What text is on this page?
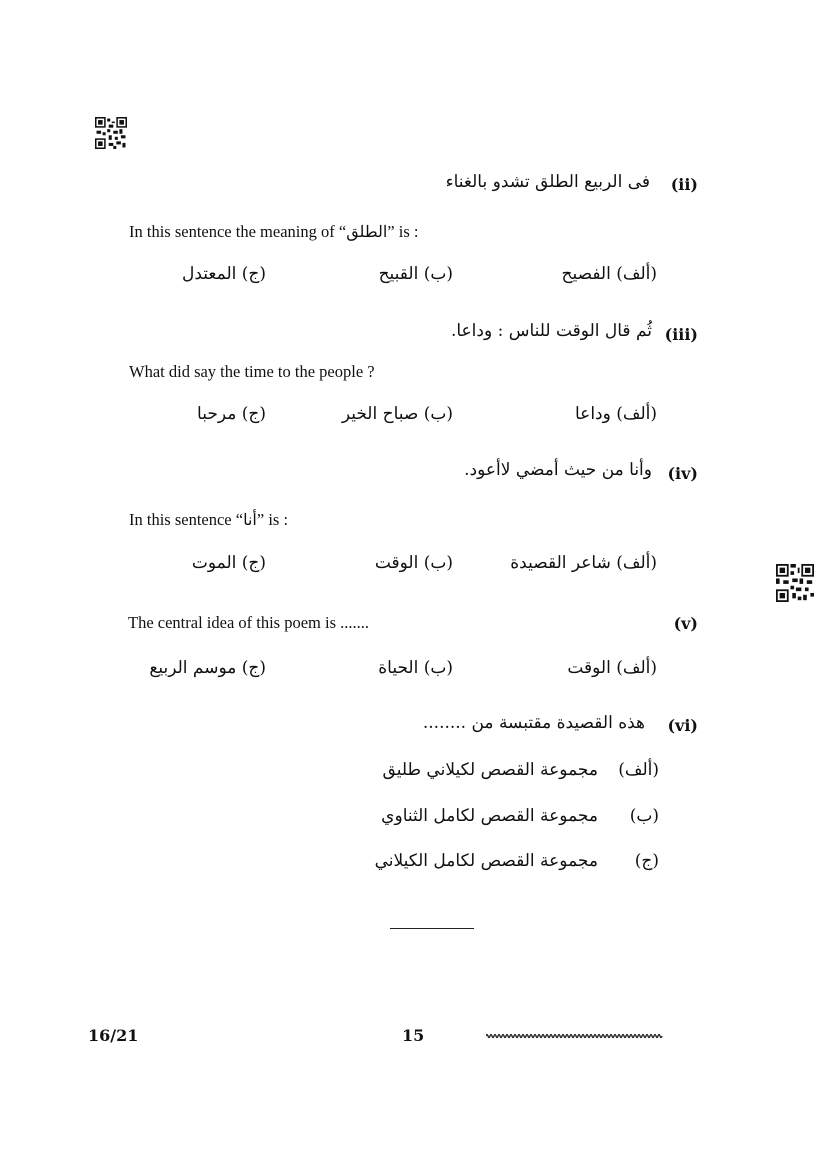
(ii)
فی الربیع الطلق تشدو بالغناء
In this sentence the meaning of “الطلق” is :
(ألف) الفصيح
(ب) القبيح
(ج) المعتدل
(iii)
ثُم قال الوقت للناس : وداعا.
What did say the time to the people ?
(ألف) وداعا
(ب) صباح الخير
(ج) مرحبا
(iv)
وأنا من حيث أمضي لاأعود.
In this sentence “أنا” is :
(ألف) شاعر القصيدة
(ب) الوقت
(ج) الموت
(v)
The central idea of this poem is .......
(ألف) الوقت
(ب) الحياة
(ج) موسم الربيع
(vi)
هذه القصيدة مقتبسة من ........
(ألف)
مجموعة القصص لكيلاني طليق
(ب)
مجموعة القصص لكامل الثناوي
(ج)
مجموعة القصص لكامل الكيلاني
16/21	15
